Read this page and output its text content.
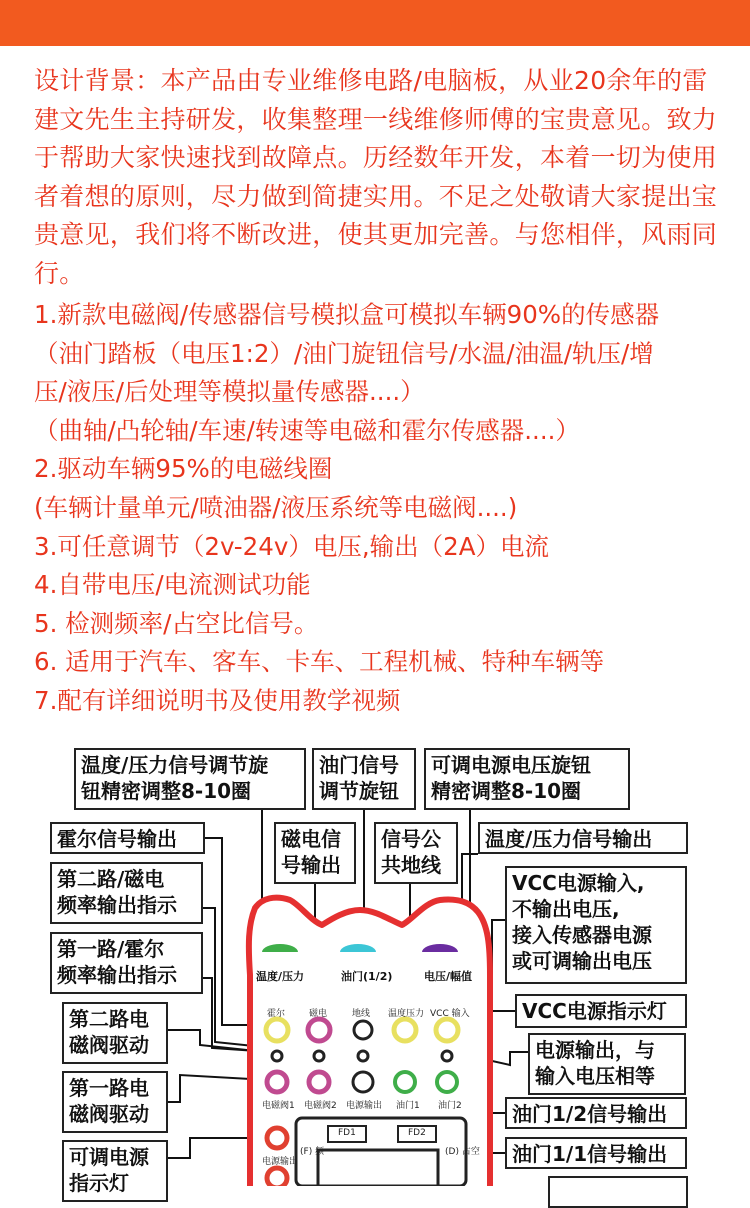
设计背景：本产品由专业维修电路/电脑板，从业20余年的雷建文先生主持研发，收集整理一线维修师傅的宝贵意见。致力于帮助大家快速找到故障点。历经数年开发，本着一切为使用者着想的原则，尽力做到简捷实用。不足之处敬请大家提出宝贵意见，我们将不断改进，使其更加完善。与您相伴，风雨同行。
1.新款电磁阀/传感器信号模拟盒可模拟车辆90%的传感器
（油门踏板（电压1:2）/油门旋钮信号/水温/油温/轨压/增
压/液压/后处理等模拟量传感器....）
（曲轴/凸轮轴/车速/转速等电磁和霍尔传感器....）
2.驱动车辆95%的电磁线圈
(车辆计量单元/喷油器/液压系统等电磁阀....)
3.可任意调节（2v-24v）电压,输出（2A）电流
4.自带电压/电流测试功能
5. 检测频率/占空比信号。
6. 适用于汽车、客车、卡车、工程机械、特种车辆等
7.配有详细说明书及使用教学视频
温度/压力	油门(1/2)	电压/幅值
霍尔	磁电	地线 温度压力 VCC 输入
电磁阀1 电磁阀2 电源输出 油门1 油门2
电源输出
FD1	FD2
(F) 频	(D) 占空
温度/压力信号调节旋
钮精密调整8-10圈
油门信号
调节旋钮
可调电源电压旋钮
精密调整8-10圈
霍尔信号输出	磁电信
号输出
信号公
共地线
温度/压力信号输出
第二路/磁电
频率输出指示
VCC电源输入,
不输出电压,
接入传感器电源
或可调输出电压
第一路/霍尔
频率输出指示
VCC电源指示灯
第二路电
磁阀驱动	电源输出，与
输入电压相等
第一路电
磁阀驱动	油门1/2信号输出
可调电源
指示灯
油门1/1信号输出
